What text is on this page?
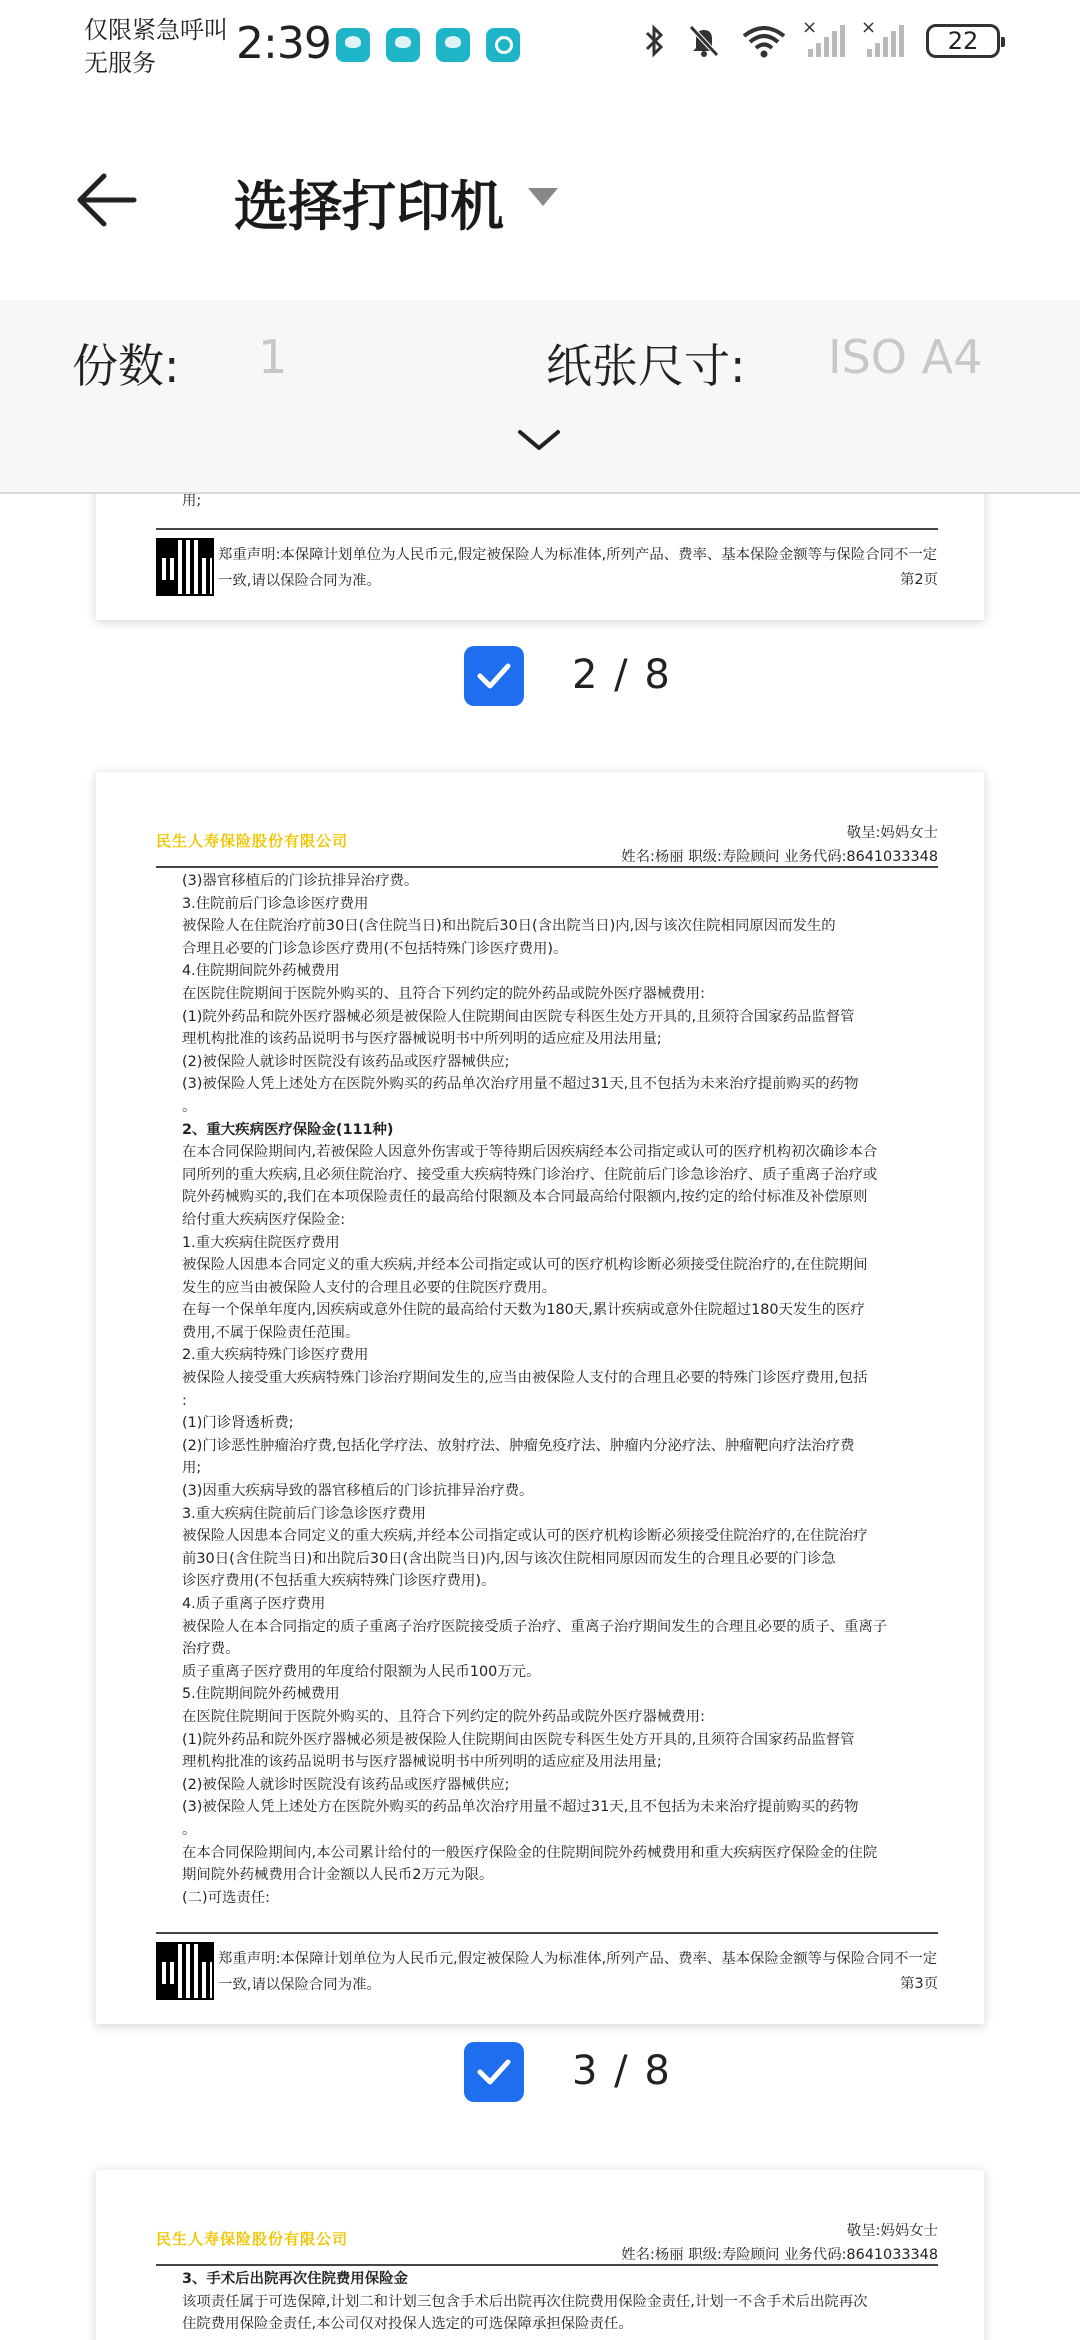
仅限紧急呼叫
无服务	2:39	× ×	22
选择打印机
份数: 1	纸张尺寸: ISO A4
用;
郑重声明:本保障计划单位为人民币元,假定被保险人为标准体,所列产品、费率、基本保险金额等与保险合同不一定一致,请以保险合同为准。	第2页
2 / 8
民生人寿保险股份有限公司	敬呈:妈妈女士
姓名:杨丽 职级:寿险顾问 业务代码:8641033348

(3)器官移植后的门诊抗排异治疗费。

3.住院前后门诊急诊医疗费用

被保险人在住院治疗前30日(含住院当日)和出院后30日(含出院当日)内,因与该次住院相同原因而发生的

合理且必要的门诊急诊医疗费用(不包括特殊门诊医疗费用)。

4.住院期间院外药械费用

在医院住院期间于医院外购买的、且符合下列约定的院外药品或院外医疗器械费用:

(1)院外药品和院外医疗器械必须是被保险人住院期间由医院专科医生处方开具的,且须符合国家药品监督管

理机构批准的该药品说明书与医疗器械说明书中所列明的适应症及用法用量;

(2)被保险人就诊时医院没有该药品或医疗器械供应;

(3)被保险人凭上述处方在医院外购买的药品单次治疗用量不超过31天,且不包括为未来治疗提前购买的药物

。

2、重大疾病医疗保险金(111种)

在本合同保险期间内,若被保险人因意外伤害或于等待期后因疾病经本公司指定或认可的医疗机构初次确诊本合

同所列的重大疾病,且必须住院治疗、接受重大疾病特殊门诊治疗、住院前后门诊急诊治疗、质子重离子治疗或

院外药械购买的,我们在本项保险责任的最高给付限额及本合同最高给付限额内,按约定的给付标准及补偿原则

给付重大疾病医疗保险金:

1.重大疾病住院医疗费用

被保险人因患本合同定义的重大疾病,并经本公司指定或认可的医疗机构诊断必须接受住院治疗的,在住院期间

发生的应当由被保险人支付的合理且必要的住院医疗费用。

在每一个保单年度内,因疾病或意外住院的最高给付天数为180天,累计疾病或意外住院超过180天发生的医疗

费用,不属于保险责任范围。

2.重大疾病特殊门诊医疗费用

被保险人接受重大疾病特殊门诊治疗期间发生的,应当由被保险人支付的合理且必要的特殊门诊医疗费用,包括

:

(1)门诊肾透析费;

(2)门诊恶性肿瘤治疗费,包括化学疗法、放射疗法、肿瘤免疫疗法、肿瘤内分泌疗法、肿瘤靶向疗法治疗费

用;

(3)因重大疾病导致的器官移植后的门诊抗排异治疗费。

3.重大疾病住院前后门诊急诊医疗费用

被保险人因患本合同定义的重大疾病,并经本公司指定或认可的医疗机构诊断必须接受住院治疗的,在住院治疗

前30日(含住院当日)和出院后30日(含出院当日)内,因与该次住院相同原因而发生的合理且必要的门诊急

诊医疗费用(不包括重大疾病特殊门诊医疗费用)。

4.质子重离子医疗费用

被保险人在本合同指定的质子重离子治疗医院接受质子治疗、重离子治疗期间发生的合理且必要的质子、重离子

治疗费。

质子重离子医疗费用的年度给付限额为人民币100万元。

5.住院期间院外药械费用

在医院住院期间于医院外购买的、且符合下列约定的院外药品或院外医疗器械费用:

(1)院外药品和院外医疗器械必须是被保险人住院期间由医院专科医生处方开具的,且须符合国家药品监督管

理机构批准的该药品说明书与医疗器械说明书中所列明的适应症及用法用量;

(2)被保险人就诊时医院没有该药品或医疗器械供应;

(3)被保险人凭上述处方在医院外购买的药品单次治疗用量不超过31天,且不包括为未来治疗提前购买的药物

。

在本合同保险期间内,本公司累计给付的一般医疗保险金的住院期间院外药械费用和重大疾病医疗保险金的住院

期间院外药械费用合计金额以人民币2万元为限。

(二)可选责任:

郑重声明:本保障计划单位为人民币元,假定被保险人为标准体,所列产品、费率、基本保险金额等与保险合同不一定一致,请以保险合同为准。	第3页
3 / 8
民生人寿保险股份有限公司	敬呈:妈妈女士
姓名:杨丽 职级:寿险顾问 业务代码:8641033348

3、手术后出院再次住院费用保险金

该项责任属于可选保障,计划二和计划三包含手术后出院再次住院费用保险金责任,计划一不含手术后出院再次

住院费用保险金责任,本公司仅对投保人选定的可选保障承担保险责任。
